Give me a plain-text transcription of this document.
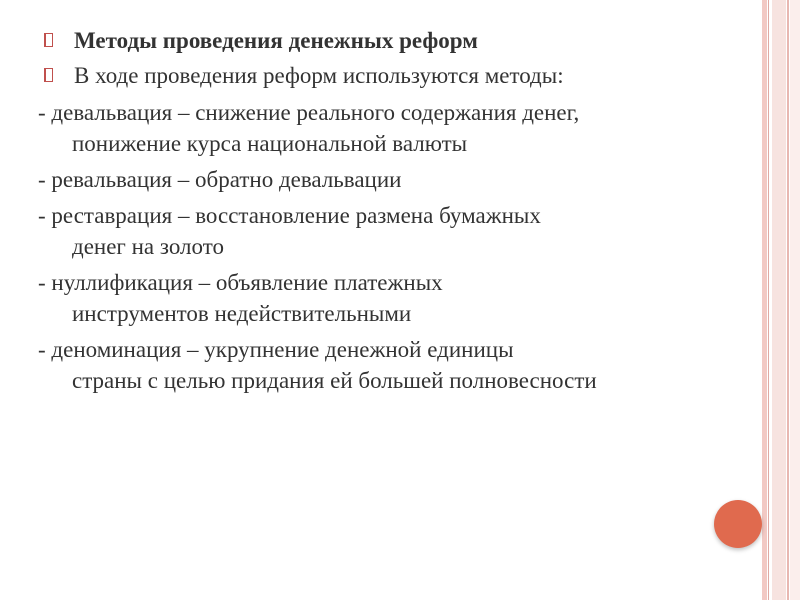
Методы проведения денежных реформ
В ходе проведения реформ используются методы:
- девальвация – снижение реального содержания денег,
понижение курса национальной валюты
- ревальвация – обратно девальвации
- реставрация – восстановление размена бумажных
денег на золото
- нуллификация – объявление платежных
инструментов недействительными
- деноминация – укрупнение денежной единицы
страны с целью придания ей большей полновесности
